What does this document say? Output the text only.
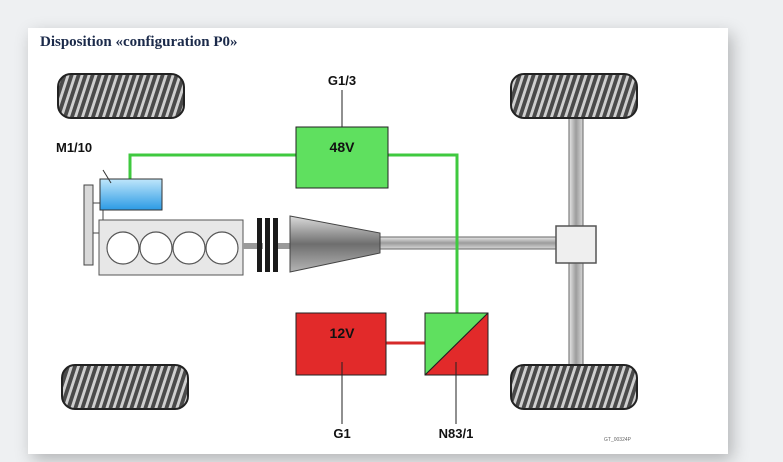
Disposition «configuration P0»
M1/10
G1/3
48V
12V
G1	N83/1	GT_00324P
